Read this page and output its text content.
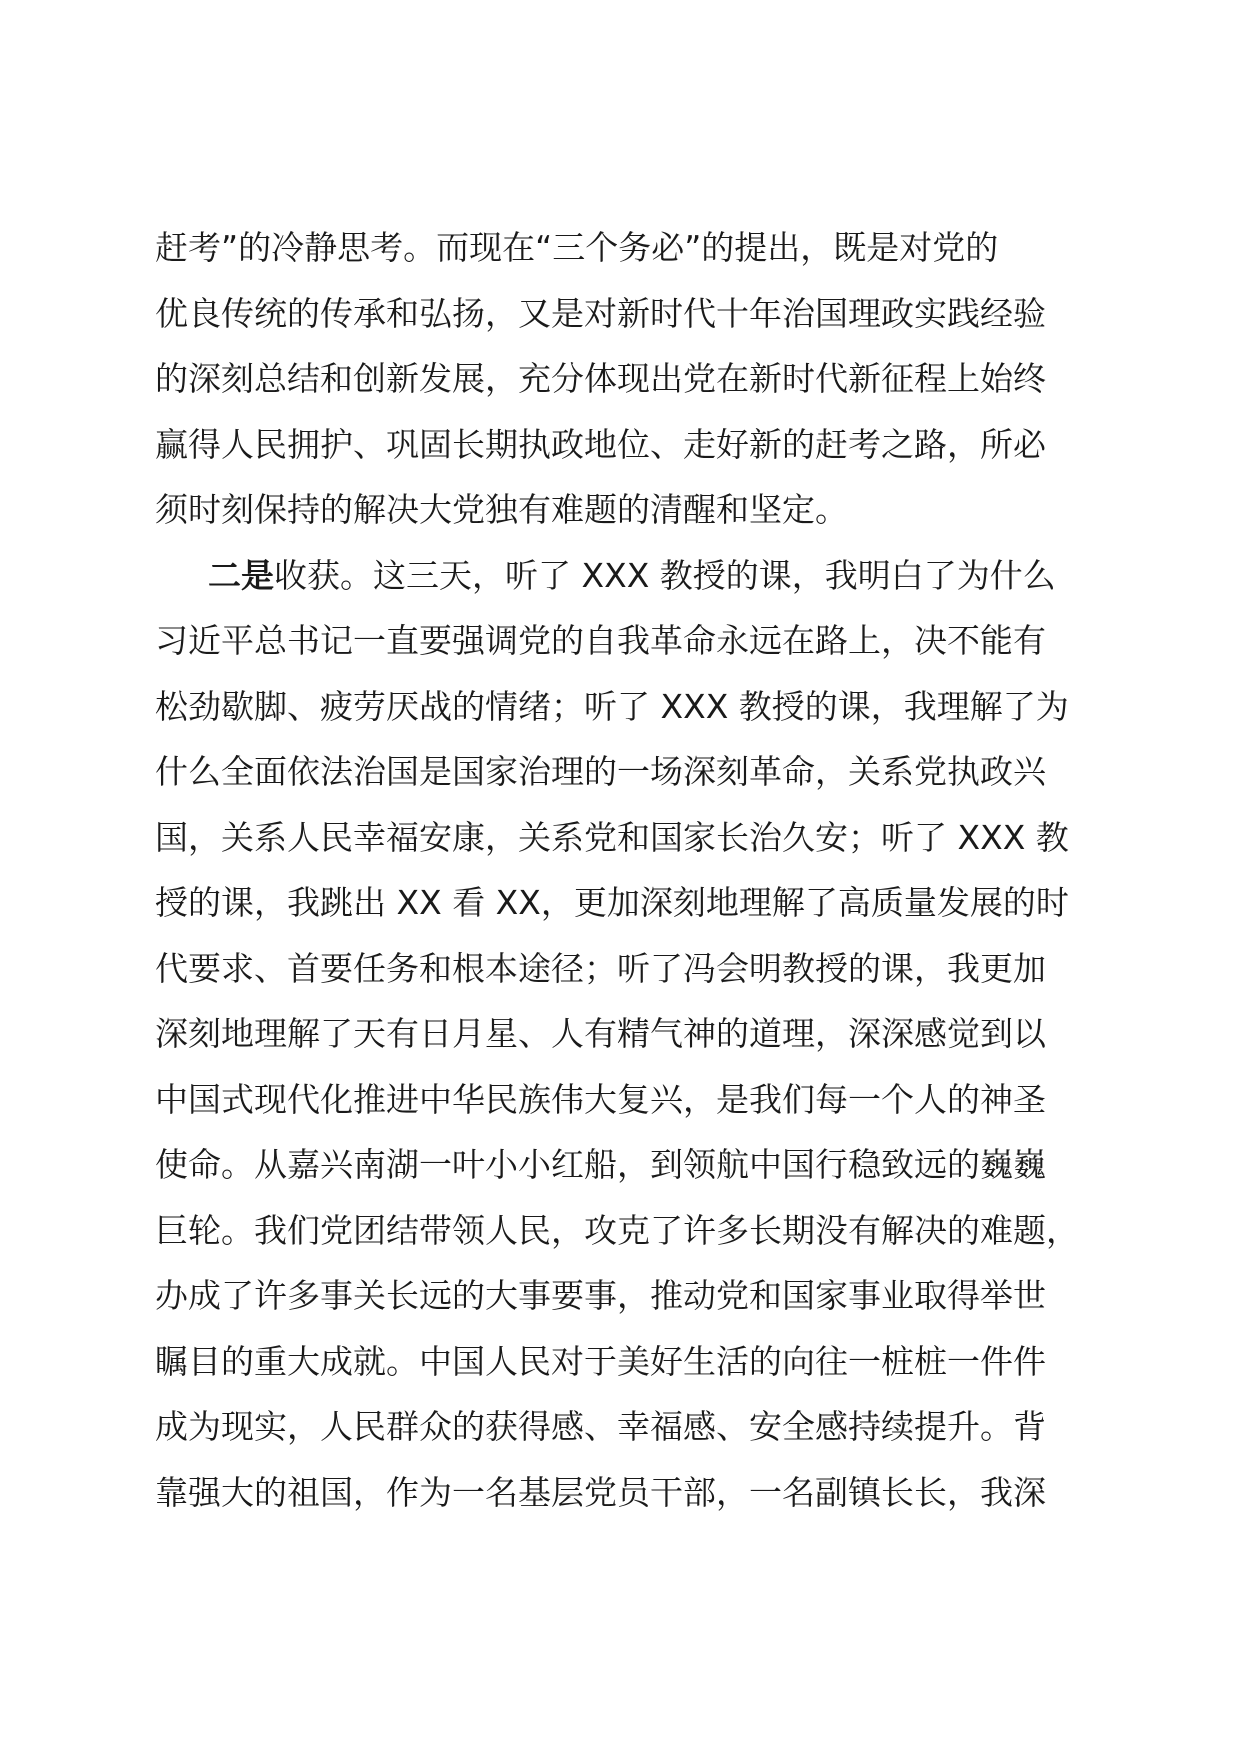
赶考”的冷静思考。而现在“三个务必”的提出，既是对党的
优良传统的传承和弘扬，又是对新时代十年治国理政实践经验
的深刻总结和创新发展，充分体现出党在新时代新征程上始终
赢得人民拥护、巩固长期执政地位、走好新的赶考之路，所必
须时刻保持的解决大党独有难题的清醒和坚定。
二是收获。这三天，听了 XXX 教授的课，我明白了为什么
习近平总书记一直要强调党的自我革命永远在路上，决不能有
松劲歇脚、疲劳厌战的情绪；听了 XXX 教授的课，我理解了为
什么全面依法治国是国家治理的一场深刻革命，关系党执政兴
国，关系人民幸福安康，关系党和国家长治久安；听了 XXX 教
授的课，我跳出 XX 看 XX，更加深刻地理解了高质量发展的时
代要求、首要任务和根本途径；听了冯会明教授的课，我更加
深刻地理解了天有日月星、人有精气神的道理，深深感觉到以
中国式现代化推进中华民族伟大复兴，是我们每一个人的神圣
使命。从嘉兴南湖一叶小小红船，到领航中国行稳致远的巍巍
巨轮。我们党团结带领人民，攻克了许多长期没有解决的难题，
办成了许多事关长远的大事要事，推动党和国家事业取得举世
瞩目的重大成就。中国人民对于美好生活的向往一桩桩一件件
成为现实，人民群众的获得感、幸福感、安全感持续提升。背
靠强大的祖国，作为一名基层党员干部，一名副镇长长，我深
